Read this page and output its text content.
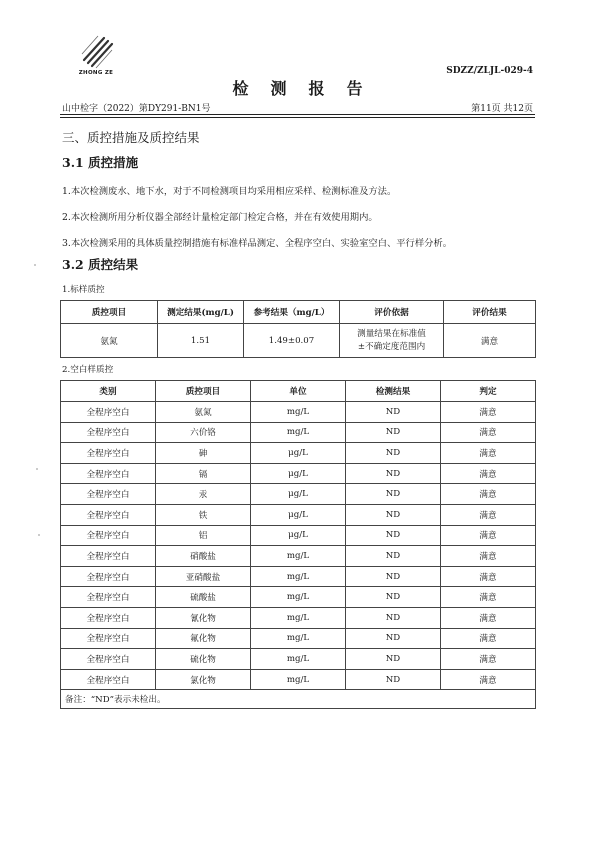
ZHONG ZE	SDZZ/ZLJL-029-4
检测报告
山中检字（2022）第DY291-BN1号	第11页 共12页
三、质控措施及质控结果
3.1 质控措施
1.本次检测废水、地下水，对于不同检测项目均采用相应采样、检测标准及方法。
2.本次检测所用分析仪器全部经计量检定部门检定合格，并在有效使用期内。
3.本次检测采用的具体质量控制措施有标准样品测定、全程序空白、实验室空白、平行样分析。
3.2 质控结果
1.标样质控
质控项目	测定结果(mg/L)	参考结果（mg/L）	评价依据	评价结果
氨氮	1.51	1.49±0.07	测量结果在标准值
±不确定度范围内	满意
2.空白样质控
类别	质控项目	单位	检测结果	判定
全程序空白	氨氮	mg/L	ND	满意
全程序空白	六价铬	mg/L	ND	满意
全程序空白	砷	μg/L	ND	满意
全程序空白	镉	μg/L	ND	满意
全程序空白	汞	μg/L	ND	满意
全程序空白	铁	μg/L	ND	满意
全程序空白	铝	μg/L	ND	满意
全程序空白	硝酸盐	mg/L	ND	满意
全程序空白	亚硝酸盐	mg/L	ND	满意
全程序空白	硫酸盐	mg/L	ND	满意
全程序空白	氰化物	mg/L	ND	满意
全程序空白	氟化物	mg/L	ND	满意
全程序空白	硫化物	mg/L	ND	满意
全程序空白	氯化物	mg/L	ND	满意
备注：“ND”表示未检出。				
